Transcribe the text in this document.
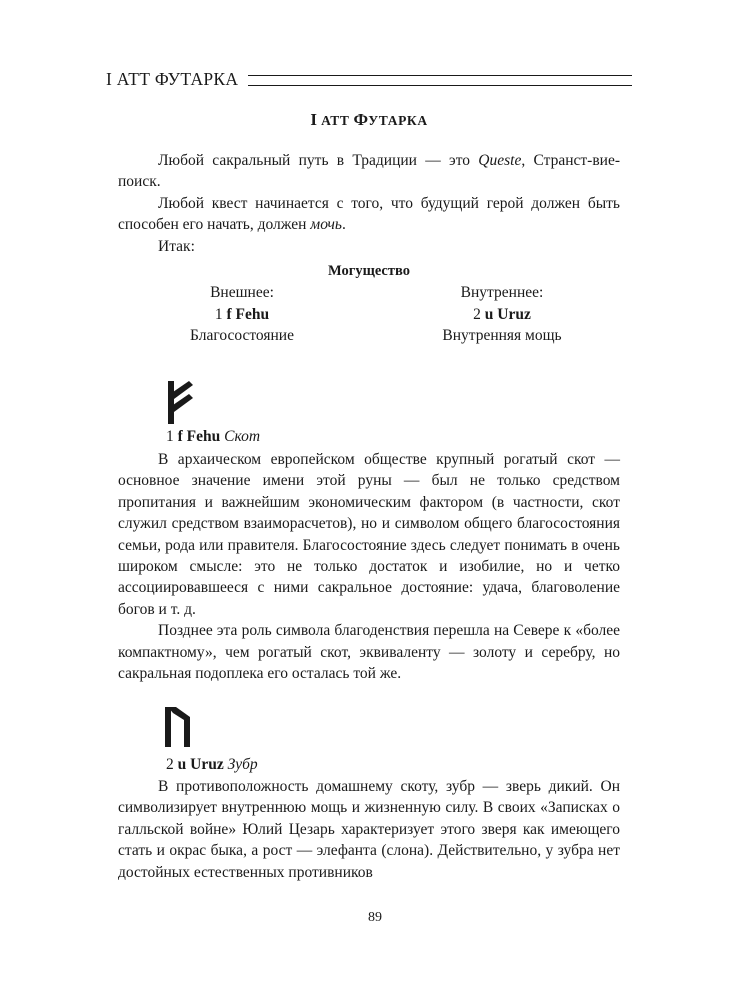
I АТТ ФУТАРКА
I АТТ ФУТАРКА

Любой сакральный путь в Традиции — это Queste, Странст-вие-поиск.

Любой квест начинается с того, что будущий герой должен быть способен его начать, должен мочь.

Итак:

Могущество
Внешнее:
1 f Fehu
Благосостояние
Внутреннее:
2 u Uruz
Внутренняя мощь
1 f Fehu Скот

В архаическом европейском обществе крупный рогатый скот — основное значение имени этой руны — был не только средством пропитания и важнейшим экономическим фактором (в частности, скот служил средством взаиморасчетов), но и символом общего благосостояния семьи, рода или правителя. Благосостояние здесь следует понимать в очень широком смысле: это не только достаток и изобилие, но и четко ассоциировавшееся с ними сакральное достояние: удача, благоволение богов и т. д.

Позднее эта роль символа благоденствия перешла на Севере к «более компактному», чем рогатый скот, эквиваленту — золоту и серебру, но сакральная подоплека его осталась той же.

2 u Uruz Зубр

В противоположность домашнему скоту, зубр — зверь дикий. Он символизирует внутреннюю мощь и жизненную силу. В своих «Записках о галльской войне» Юлий Цезарь характеризует этого зверя как имеющего стать и окрас быка, а рост — элефанта (слона). Действительно, у зубра нет достойных естественных противников

89
